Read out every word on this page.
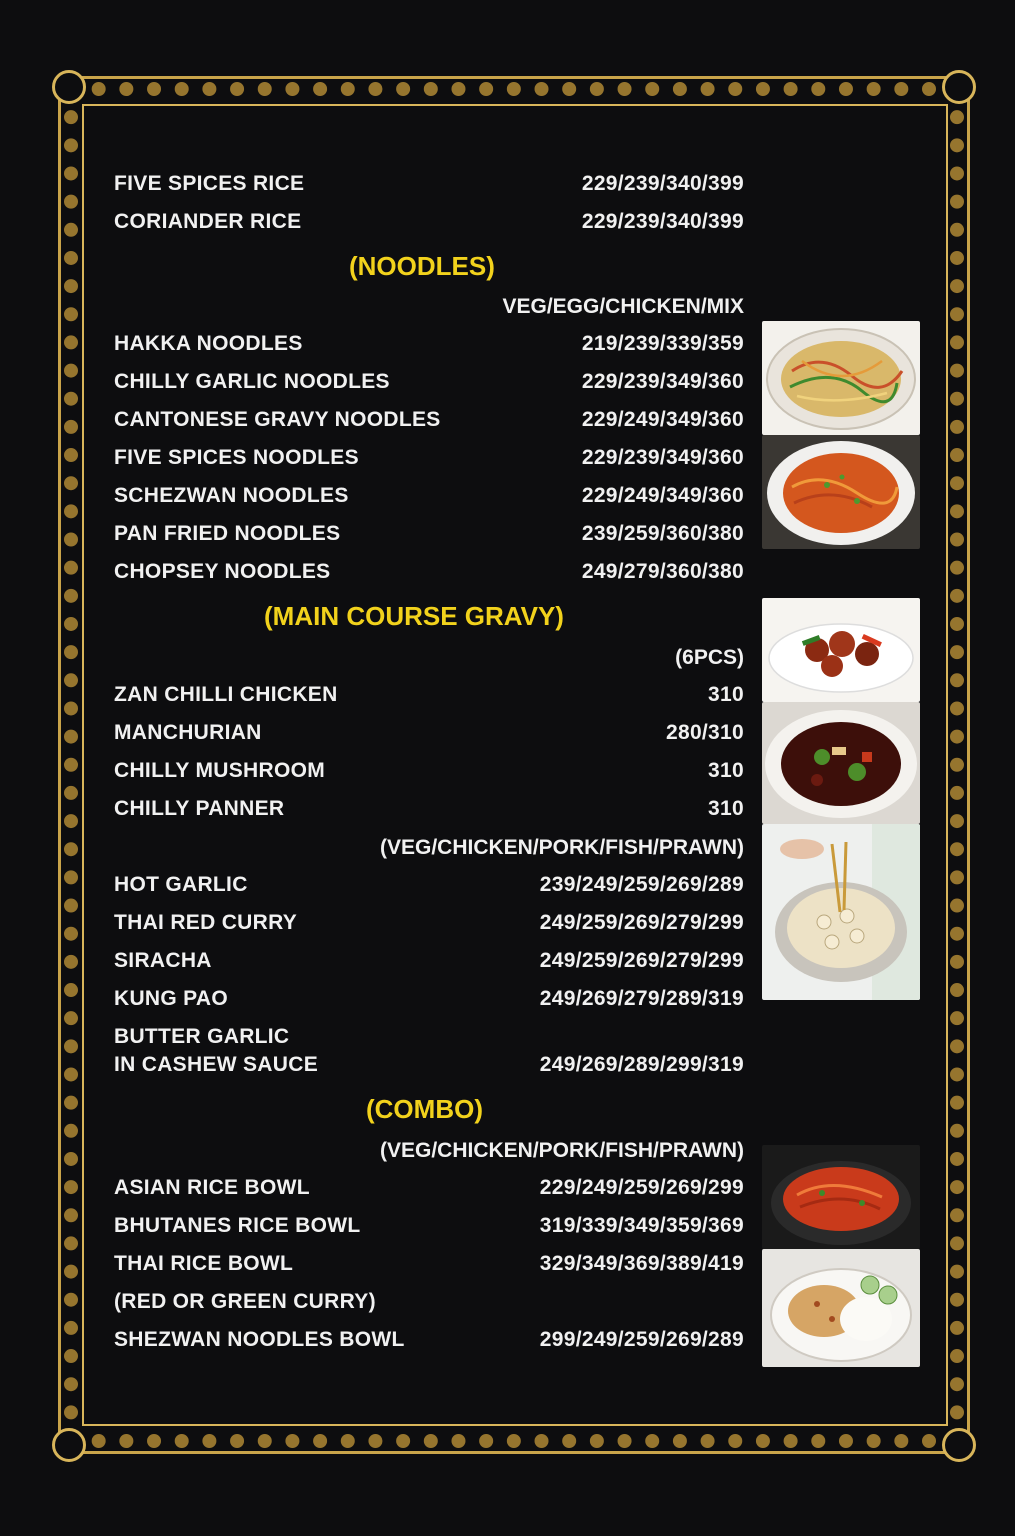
FIVE SPICES RICE	229/239/340/399
CORIANDER RICE	229/239/340/399
(NOODLES)
VEG/EGG/CHICKEN/MIX
HAKKA NOODLES	219/239/339/359
CHILLY GARLIC NOODLES	229/239/349/360
CANTONESE GRAVY NOODLES	229/249/349/360
FIVE SPICES NOODLES	229/239/349/360
SCHEZWAN NOODLES	229/249/349/360
PAN FRIED NOODLES	239/259/360/380
CHOPSEY NOODLES	249/279/360/380
(MAIN COURSE GRAVY)
(6PCS)
ZAN CHILLI CHICKEN	310
MANCHURIAN	280/310
CHILLY MUSHROOM	310
CHILLY PANNER	310
(VEG/CHICKEN/PORK/FISH/PRAWN)
HOT GARLIC	239/249/259/269/289
THAI RED CURRY	249/259/269/279/299
SIRACHA	249/259/269/279/299
KUNG PAO	249/269/279/289/319
BUTTER GARLIC
IN CASHEW SAUCE	249/269/289/299/319
(COMBO)
(VEG/CHICKEN/PORK/FISH/PRAWN)
ASIAN RICE BOWL	229/249/259/269/299
BHUTANES RICE BOWL	319/339/349/359/369
THAI RICE BOWL	329/349/369/389/419
(RED OR GREEN CURRY)
SHEZWAN NOODLES BOWL	299/249/259/269/289
